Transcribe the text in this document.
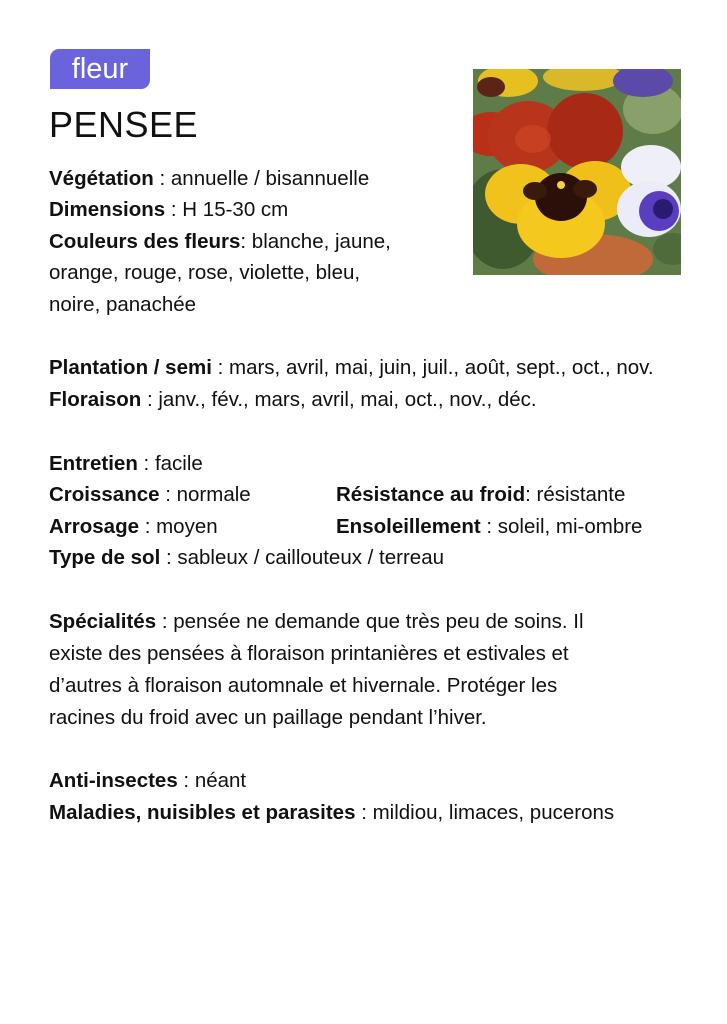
fleur
PENSEE
Végétation : annuelle / bisannuelle
Dimensions : H 15-30 cm
Couleurs des fleurs: blanche, jaune,
orange, rouge, rose, violette, bleu,
noire, panachée
Plantation / semi : mars, avril, mai, juin, juil., août, sept., oct., nov.
Floraison : janv., fév., mars, avril, mai, oct., nov., déc.
Entretien : facile
Croissance : normale	Résistance au froid: résistante
Arrosage : moyen	Ensoleillement : soleil, mi-ombre
Type de sol : sableux / caillouteux / terreau
Spécialités : pensée ne demande que très peu de soins. Il
existe des pensées à floraison printanières et estivales et
d’autres à floraison automnale et hivernale. Protéger les
racines du froid avec un paillage pendant l’hiver.
Anti-insectes : néant
Maladies, nuisibles et parasites : mildiou, limaces, pucerons
